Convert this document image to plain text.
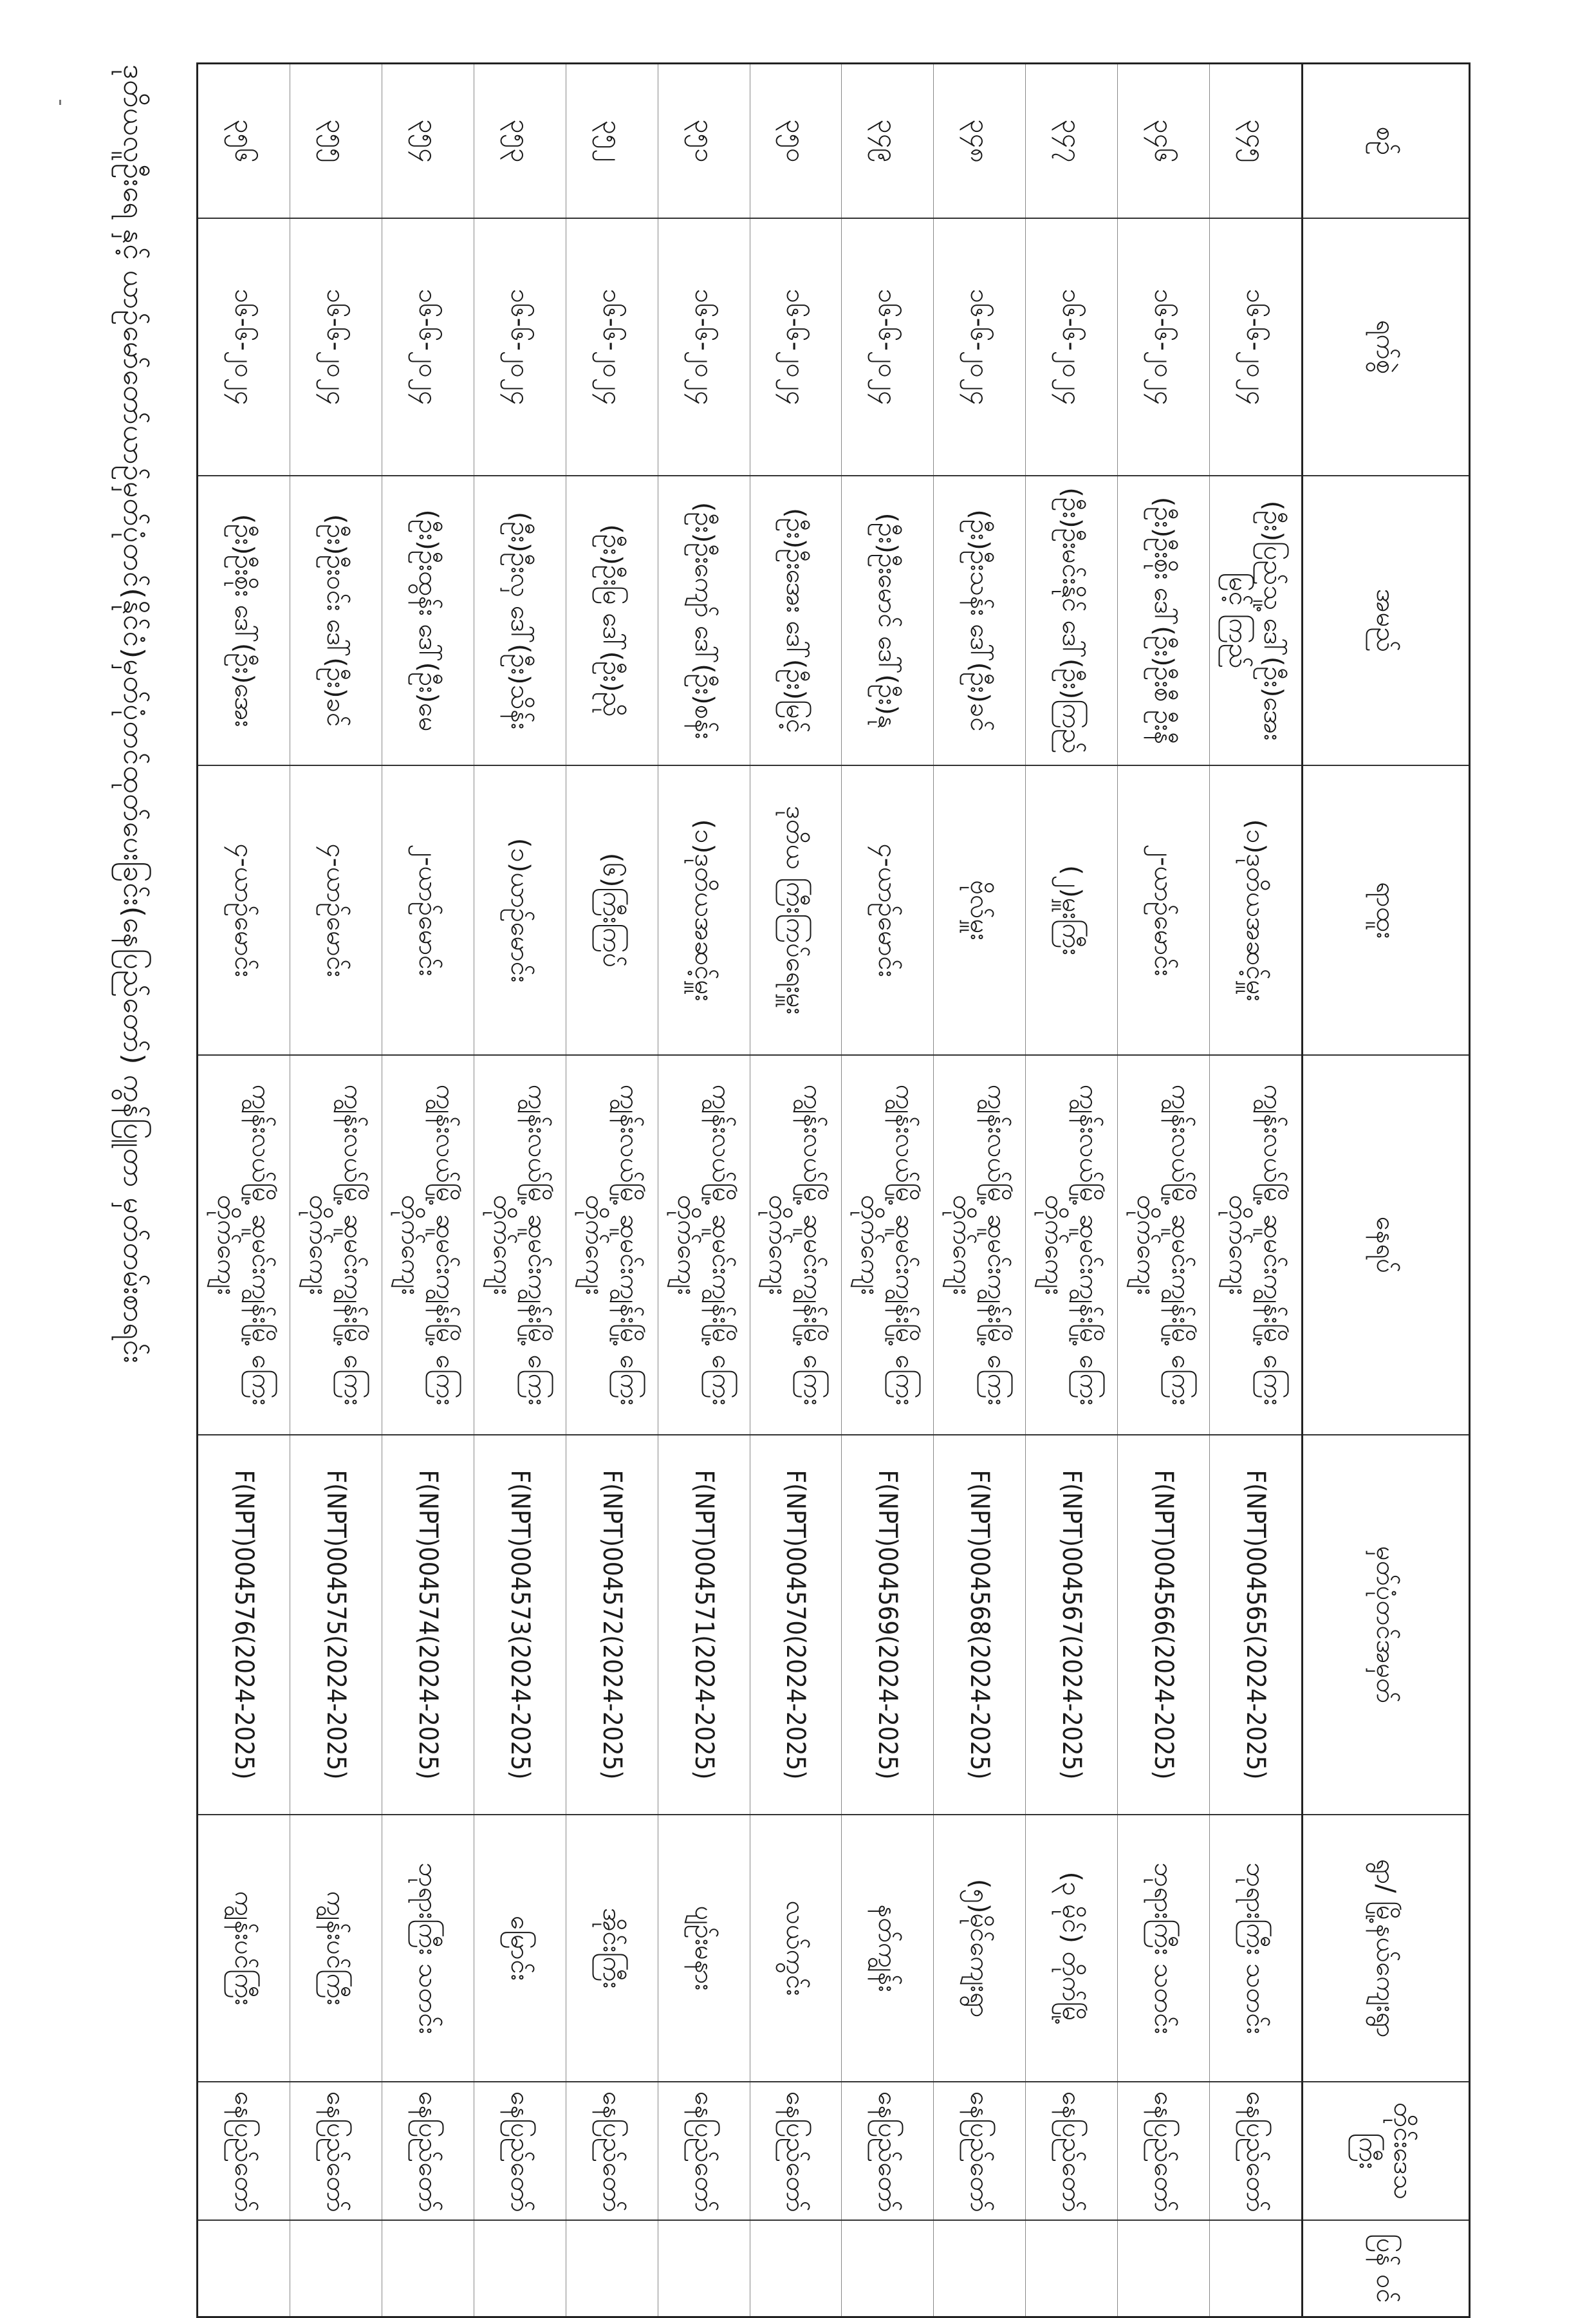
ဒုတိယလူဦးရေ နှင့် ယာဉ်မော်တော်ယာဉ်မှတ်ပုံတင်(နိုင်ငံ)မှတ်ပုံတင်ထုတ်ပေးခြင်း(နေပြည်တော်) ကွန်ပြူတာ မှတ်တမ်းစာရင်း	စဉ်	ရက်စွဲ	အမည်	ရာထူး	နေရပ်	မှတ်ပုံတင်အမှတ်	ရွာ/ မြို့နယ်ကျေးရွာ	တိုင်းဒေသ ကြီး	ပြန် ဝင်
၃၄၅	၁၆-၆-၂၀၂၄	(ဦး)ပြည်သူ့ ဒေါ်(ဦး)အေးမြင့် ကြည်	(၁)ဒုတိယအဆင့်မှူး	ကျွန်းလယ်မြို့ ဆူမင်းကျွန်းမြို့ ကြေးတိုက်ကျေး	F(NPT)004565(2024-2025)	ဘုရားကြီး သတင်း	နေပြည်တော်	
၃၄၆	၁၆-၆-၂၀၂၄	(ဦး)ဦးစိုး ဒေါ်(ဦး)ဦးစီ ဦးနီ	၂-ယာဉ်မောင်း	ကျွန်းလယ်မြို့ ဆူမင်းကျွန်းမြို့ ကြေးတိုက်ကျေး	F(NPT)004566(2024-2025)	ဘုရားကြီး သတင်း	နေပြည်တော်	
၃၄၇	၁၆-၆-၂၀၂၄	(ဦး)ဦးမင်းနိုင် ဒေါ်(ဦး)ကြည်	(၂)မှူးကြီး	ကျွန်းလယ်မြို့ ဆူမင်းကျွန်းမြို့ ကြေးတိုက်ကျေး	F(NPT)004567(2024-2025)	(၃ မိုင်) တိုက်မြို့	နေပြည်တော်	
၃၄၈	၁၆-၆-၂၀၂၄	(ဦး)ဦးသန်း ဒေါ်(ဦး)ခင်	ဗိုလ်မှူး	ကျွန်းလယ်မြို့ ဆူမင်းကျွန်းမြို့ ကြေးတိုက်ကျေး	F(NPT)004568(2024-2025)	(၅)မိုင်ကျေးရွာ	နေပြည်တော်	
၃၄၉	၁၆-၆-၂၀၂၄	(ဦး)ဦးမောင် ဒေါ်(ဦး)နု	၄-ယာဉ်မောင်း	ကျွန်းလယ်မြို့ ဆူမင်းကျွန်းမြို့ ကြေးတိုက်ကျေး	F(NPT)004569(2024-2025)	နတ်ကျွန်း	နေပြည်တော်	
၃၅၀	၁၆-၆-၂၀၂၄	(ဦး)ဦးအေး ဒေါ်(ဦး)မြင့်	ဒုတိယ ကြီးကြပ်ရေးမှူး	ကျွန်းလယ်မြို့ ဆူမင်းကျွန်းမြို့ ကြေးတိုက်ကျေး	F(NPT)004570(2024-2025)	လယ်ကွင်း	နေပြည်တော်	
၃၅၁	၁၆-၆-၂၀၂၄	(ဦး)ဦးကျော် ဒေါ်(ဦး)စန်း	(၁)ဒုတိယအဆင့်မှူး	ကျွန်းလယ်မြို့ ဆူမင်းကျွန်းမြို့ ကြေးတိုက်ကျေး	F(NPT)004571(2024-2025)	ပျဉ်းမနား	နေပြည်တော်	
၃၅၂	၁၆-၆-၂၀၂၄	(ဦး)ဦးမြ ဒေါ်(ဦး)ညို	(၆)ကြီးကြပ်	ကျွန်းလယ်မြို့ ဆူမင်းကျွန်းမြို့ ကြေးတိုက်ကျေး	F(NPT)004572(2024-2025)	အိုင်းကြီး	နေပြည်တော်	
၃၅၃	၁၆-၆-၂၀၂၄	(ဦး)ဦးလှ ဒေါ်(ဦး)သိန်း	(၁)ယာဉ်မောင်း	ကျွန်းလယ်မြို့ ဆူမင်းကျွန်းမြို့ ကြေးတိုက်ကျေး	F(NPT)004573(2024-2025)	မြောင်း	နေပြည်တော်	
၃၅၄	၁၆-၆-၂၀၂၄	(ဦး)ဦးထွန်း ဒေါ်(ဦး)မေ	၂-ယာဉ်မောင်း	ကျွန်းလယ်မြို့ ဆူမင်းကျွန်းမြို့ ကြေးတိုက်ကျေး	F(NPT)004574(2024-2025)	ဘုရားကြီး သတင်း	နေပြည်တော်	
၃၅၅	၁၆-၆-၂၀၂၄	(ဦး)ဦးဝင်း ဒေါ်(ဦး)ခင်	၄-ယာဉ်မောင်း	ကျွန်းလယ်မြို့ ဆူမင်းကျွန်းမြို့ ကြေးတိုက်ကျေး	F(NPT)004575(2024-2025)	ကျွန်းပင်ကြီး	နေပြည်တော်	
၃၅၆	၁၆-၆-၂၀၂၄	(ဦး)ဦးစိုး ဒေါ်(ဦး)အေး	၄-ယာဉ်မောင်း	ကျွန်းလယ်မြို့ ဆူမင်းကျွန်းမြို့ ကြေးတိုက်ကျေး	F(NPT)004576(2024-2025)	ကျွန်းပင်ကြီး	နေပြည်တော်	
